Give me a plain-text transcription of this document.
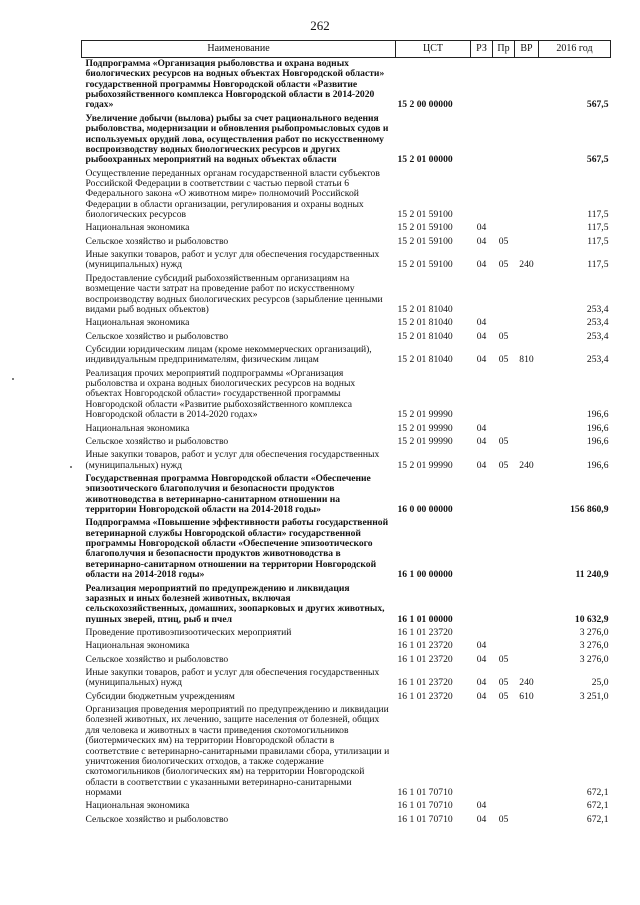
262
Наименование	ЦСТ	РЗ	Пр	ВР	2016 год
Подпрограмма «Организация рыболовства и охрана водных биологических ресурсов на водных объектах Новгородской области» государственной программы Новгородской области «Развитие рыбохозяйственного комплекса Новгородской области в 2014-2020 годах»	15 2 00 00000				567,5
Увеличение добычи (вылова) рыбы за счет рационального ведения рыболовства, модернизации и обновления рыбопромысловых судов и используемых орудий лова, осуществления работ по искусственному воспроизводству водных биологических ресурсов и других рыбоохранных мероприятий на водных объектах области	15 2 01 00000				567,5
Осуществление переданных органам государственной власти субъектов Российской Федерации в соответствии с частью первой статьи 6 Федерального закона «О животном мире» полномочий Российской Федерации в области организации, регулирования и охраны водных биологических ресурсов	15 2 01 59100				117,5
Национальная экономика	15 2 01 59100	04			117,5
Сельское хозяйство и рыболовство	15 2 01 59100	04	05		117,5
Иные закупки товаров, работ и услуг для обеспечения государственных (муниципальных) нужд	15 2 01 59100	04	05	240	117,5
Предоставление субсидий рыбохозяйственным организациям на возмещение части затрат на проведение работ по искусственному воспроизводству водных биологических ресурсов (зарыбление ценными видами рыб водных объектов)	15 2 01 81040				253,4
Национальная экономика	15 2 01 81040	04			253,4
Сельское хозяйство и рыболовство	15 2 01 81040	04	05		253,4
Субсидии юридическим лицам (кроме некоммерческих организаций), индивидуальным предпринимателям, физическим лицам	15 2 01 81040	04	05	810	253,4
Реализация прочих мероприятий подпрограммы «Организация рыболовства и охрана водных биологических ресурсов на водных объектах Новгородской области» государственной программы Новгородской области «Развитие рыбохозяйственного комплекса Новгородской области в 2014-2020 годах»	15 2 01 99990				196,6
Национальная экономика	15 2 01 99990	04			196,6
Сельское хозяйство и рыболовство	15 2 01 99990	04	05		196,6
Иные закупки товаров, работ и услуг для обеспечения государственных (муниципальных) нужд	15 2 01 99990	04	05	240	196,6
Государственная программа Новгородской области «Обеспечение эпизоотического благополучия и безопасности продуктов животноводства в ветеринарно-санитарном отношении на территории Новгородской области на 2014-2018 годы»	16 0 00 00000				156 860,9
Подпрограмма «Повышение эффективности работы государственной ветеринарной службы Новгородской области» государственной программы Новгородской области «Обеспечение эпизоотического благополучия и безопасности продуктов животноводства в ветеринарно-санитарном отношении на территории Новгородской области на 2014-2018 годы»	16 1 00 00000				11 240,9
Реализация мероприятий по предупреждению и ликвидация заразных и иных болезней животных, включая сельскохозяйственных, домашних, зоопарковых и других животных, пушных зверей, птиц, рыб и пчел	16 1 01 00000				10 632,9
Проведение противоэпизоотических мероприятий	16 1 01 23720				3 276,0
Национальная экономика	16 1 01 23720	04			3 276,0
Сельское хозяйство и рыболовство	16 1 01 23720	04	05		3 276,0
Иные закупки товаров, работ и услуг для обеспечения государственных (муниципальных) нужд	16 1 01 23720	04	05	240	25,0
Субсидии бюджетным учреждениям	16 1 01 23720	04	05	610	3 251,0
Организация проведения мероприятий по предупреждению и ликвидации болезней животных, их лечению, защите населения от болезней, общих для человека и животных в части приведения скотомогильников (биотермических ям) на территории Новгородской области в соответствие с ветеринарно-санитарными правилами сбора, утилизации и уничтожения биологических отходов, а также содержание скотомогильников (биологических ям) на территории Новгородской области в соответствии с указанными ветеринарно-санитарными нормами	16 1 01 70710				672,1
Национальная экономика	16 1 01 70710	04			672,1
Сельское хозяйство и рыболовство	16 1 01 70710	04	05		672,1
